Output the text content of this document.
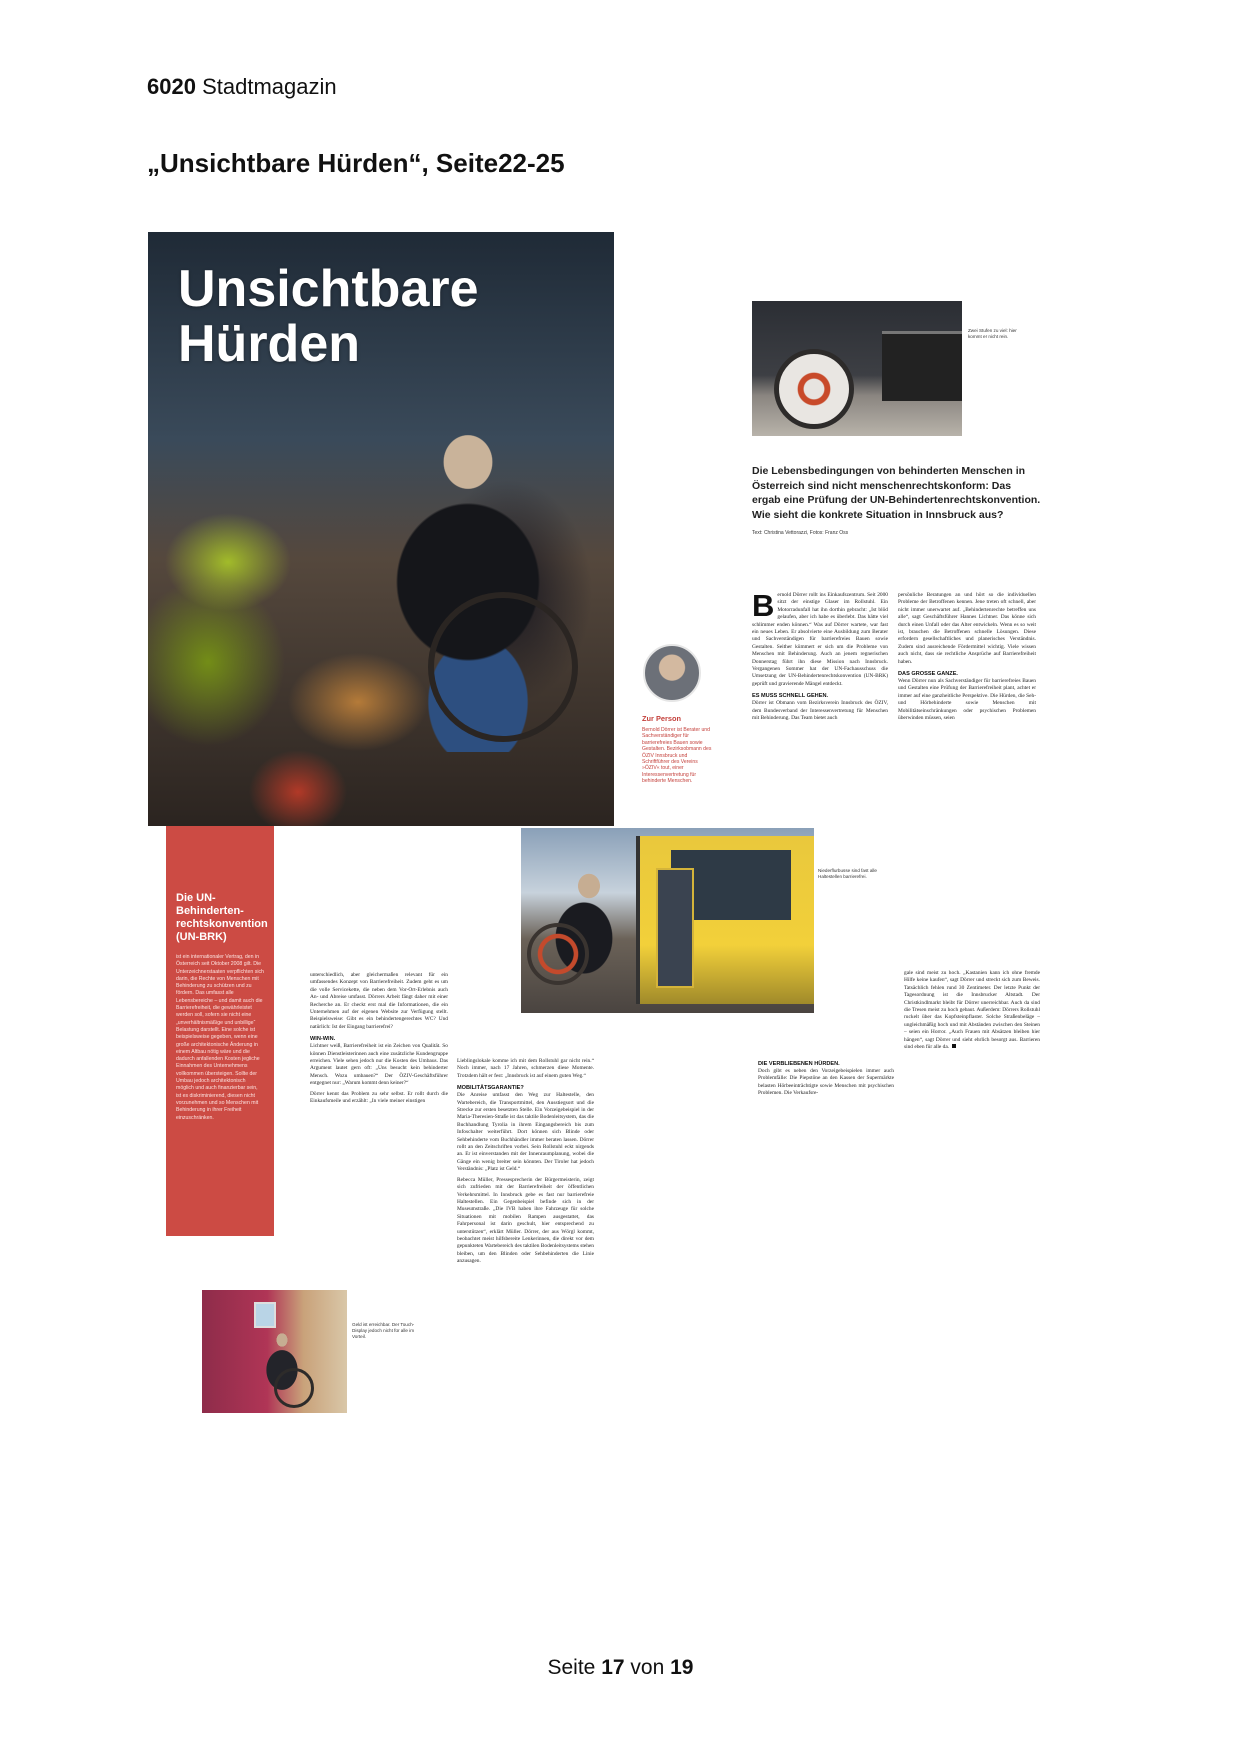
6020 Stadtmagazin
„Unsichtbare Hürden“, Seite22-25
Unsichtbare
Hürden	Zwei Stufen zu viel: hier kommt er nicht rein.
Die Lebensbedingungen von behinderten Menschen in Österreich sind nicht menschenrechtskonform: Das ergab eine Prüfung der UN-Behindertenrechtskonvention. Wie sieht die konkrete Situation in Innsbruck aus?
Text: Christina Vettorazzi, Fotos: Franz Oss
Zur Person
Bernold Dörrer ist Berater und Sachverständiger für barrierefreies Bauen sowie Gestalten. Bezirksobmann des ÖZIV Innsbruck und Schriftführer des Vereins »ÖZIV« tout, einer Interessenvertretung für behinderte Menschen.
Bernold Dörrer rollt ins Einkaufszentrum. Seit 2000 sitzt der einstige Glaser im Rollstuhl. Ein Motorradunfall hat ihn dorthin gebracht: „Ist blöd gelaufen, aber ich habe es überlebt. Das hätte viel schlimmer enden können.“ Was auf Dörrer wartete, war fast ein neues Leben. Er absolvierte eine Ausbildung zum Berater und Sachverständigen für barrierefreies Bauen sowie Gestalten. Seither kümmert er sich um die Probleme von Menschen mit Behinderung. Auch an jenem regnerischen Donnerstag führt ihn diese Mission nach Innsbruck. Vergangenen Sommer hat der UN-Fachausschuss die Umsetzung der UN-Behindertenrechtskonvention (UN-BRK) geprüft und gravierende Mängel entdeckt.
ES MUSS SCHNELL GEHEN.
Dörrer ist Obmann vom Bezirksverein Innsbruck des ÖZIV, dem Bundesverband der Interessenvertretung für Menschen mit Behinderung. Das Team bietet auch
persönliche Beratungen an und hört so die individuellen Probleme der Betroffenen kennen. Jene treten oft schnell, aber nicht immer unerwartet auf. „Behindertenrechte betreffen uns alle“, sagt Geschäftsführer Hannes Lichtner. Das könne sich durch einen Unfall oder das Alter entwickeln. Wenn es so weit ist, brauchen die Betroffenen schnelle Lösungen. Diese erfordern gesellschaftliches und planerisches Verständnis. Zudem sind ausreichende Fördermittel wichtig. Viele wissen auch nicht, dass sie rechtliche Ansprüche auf Barrierefreiheit haben.
DAS GROSSE GANZE.
Wenn Dörrer nun als Sachverständiger für barrierefreies Bauen und Gestalten eine Prüfung der Barrierefreiheit plant, achtet er immer auf eine ganzheitliche Perspektive. Die Hürden, die Seh- und Hörbehinderte sowie Menschen mit Mobilitätseinschränkungen oder psychischen Problemen überwinden müssen, seien
Die UN-Behinderten-rechtskonvention (UN-BRK)

ist ein internationaler Vertrag, den in Österreich seit Oktober 2008 gilt. Die Unterzeichnerstaaten verpflichten sich darin, die Rechte von Menschen mit Behinderung zu schützen und zu fördern. Das umfasst alle Lebensbereiche – und damit auch die Barrierefreiheit, die gewährleistet werden soll, sofern sie nicht eine „unverhältnismäßige und unbillige“ Belastung darstellt. Eine solche ist beispielsweise gegeben, wenn eine große architektonische Änderung in einem Altbau nötig wäre und die dadurch anfallenden Kosten jegliche Einnahmen des Unternehmens vollkommen übersteigen. Sollte der Umbau jedoch architektonisch möglich und auch finanzierbar sein, ist es diskriminierend, diesen nicht vorzunehmen und so Menschen mit Behinderung in ihrer Freiheit einzuschränken.

Niederflurbusse sind fast alle Haltestellen barrierefrei.
unterschiedlich, aber gleichermaßen relevant für ein umfassendes Konzept von Barrierefreiheit. Zudem geht es um die volle Servicekette, die neben dem Vor-Ort-Erlebnis auch An- und Abreise umfasst. Dörrers Arbeit fängt daher mit einer Recherche an. Er checkt erst mal die Informationen, die ein Unternehmen auf der eigenen Website zur Verfügung stellt. Beispielsweise: Gibt es ein behindertengerechtes WC? Und natürlich: Ist der Eingang barrierefrei?
WIN-WIN.
Lichtner weiß, Barrierefreiheit ist ein Zeichen von Qualität. So können Dienstleisterinnen auch eine zusätzliche Kundengruppe erreichen. Viele sehen jedoch nur die Kosten des Umbaus. Das Argument lautet gern oft: „Uns besucht kein behinderter Mensch. Wozu umbauen?“ Der ÖZIV-Geschäftsführer entgegnet nur: „Warum kommt denn keiner?“
Dörrer kennt das Problem zu sehr selbst. Er rollt durch die Einkaufsmeile und erzählt: „In viele meiner einstigen
Lieblingslokale komme ich mit dem Rollstuhl gar nicht rein.“ Noch immer, nach 17 Jahren, schmerzen diese Momente. Trotzdem hält er fest: „Innsbruck ist auf einem guten Weg.“
MOBILITÄTSGARANTIE?
Die Anreise umfasst den Weg zur Haltestelle, den Wartebereich, die Transportmittel, den Ausstiegsort und die Strecke zur ersten besetzten Stelle. Ein Vorzeigebeispiel in der Maria-Theresien-Straße ist das taktile Bodenleitsystem, das die Buchhandlung Tyrolia in ihrem Eingangsbereich bis zum Infoschalter weiterführt. Dort können sich Blinde oder Sehbehinderte vom Buchhändler immer beraten lassen. Dörrer rollt an den Zeitschriften vorbei. Sein Rollstuhl eckt nirgends an. Er ist einverstanden mit der Innenraumplanung, wobei die Gänge ein wenig breiter sein könnten. Der Tiroler hat jedoch Verständnis: „Platz ist Geld.“
Rebecca Müller, Pressesprecherin der Bürgermeisterin, zeigt sich zufrieden mit der Barrierefreiheit der öffentlichen Verkehrsmittel. In Innsbruck gebe es fast nur barrierefreie Haltestellen. Ein Gegenbeispiel befinde sich in der Museumstraße. „Die IVB haben ihre Fahrzeuge für solche Situationen mit mobilen Rampen ausgestattet, das Fahrpersonal ist darin geschult, hier entsprechend zu unterstützen“, erklärt Müller. Dörrer, der aus Wörgl kommt, beobachtet meist hilfsbereite Lenkerinnen, die direkt vor dem gepunkteten Wartebereich des taktilen Bodenleitsystems stehen bleiben, um den Blinden oder Sehbehinderten die Linie anzusagen.
DIE VERBLIEBENEN HÜRDEN.
Doch gibt es neben den Vorzeigebeispielen immer auch Problemfälle: Die Piepstöne an den Kassen der Supermärkte belasten Hörbeeinträchtigte sowie Menschen mit psychischen Problemen. Die Verkaufsre-
gale sind meist zu hoch. „Kastanien kann ich ohne fremde Hilfe keine kaufen“, sagt Dörrer und streckt sich zum Beweis. Tatsächlich fehlen rund 30 Zentimeter. Der letzte Punkt der Tagesordnung ist die Innsbrucker Altstadt. Der Christkindlmarkt bleibt für Dörrer unerreichbar. Auch da sind die Tresen meist zu hoch gebaut. Außerdem: Dörrers Rollstuhl ruckelt über das Kopfsteinpflaster. Solche Straßenbeläge – ungleichmäßig hoch und mit Abständen zwischen den Steinen – seien ein Horror. „Auch Frauen mit Absätzen bleiben hier hängen“, sagt Dörrer und sieht ehrlich besorgt aus. Barrieren sind eben für alle da.
Geld ist erreichbar. Der Touch-Display jedoch nicht für alle im Vorteil.
Seite 17 von 19
